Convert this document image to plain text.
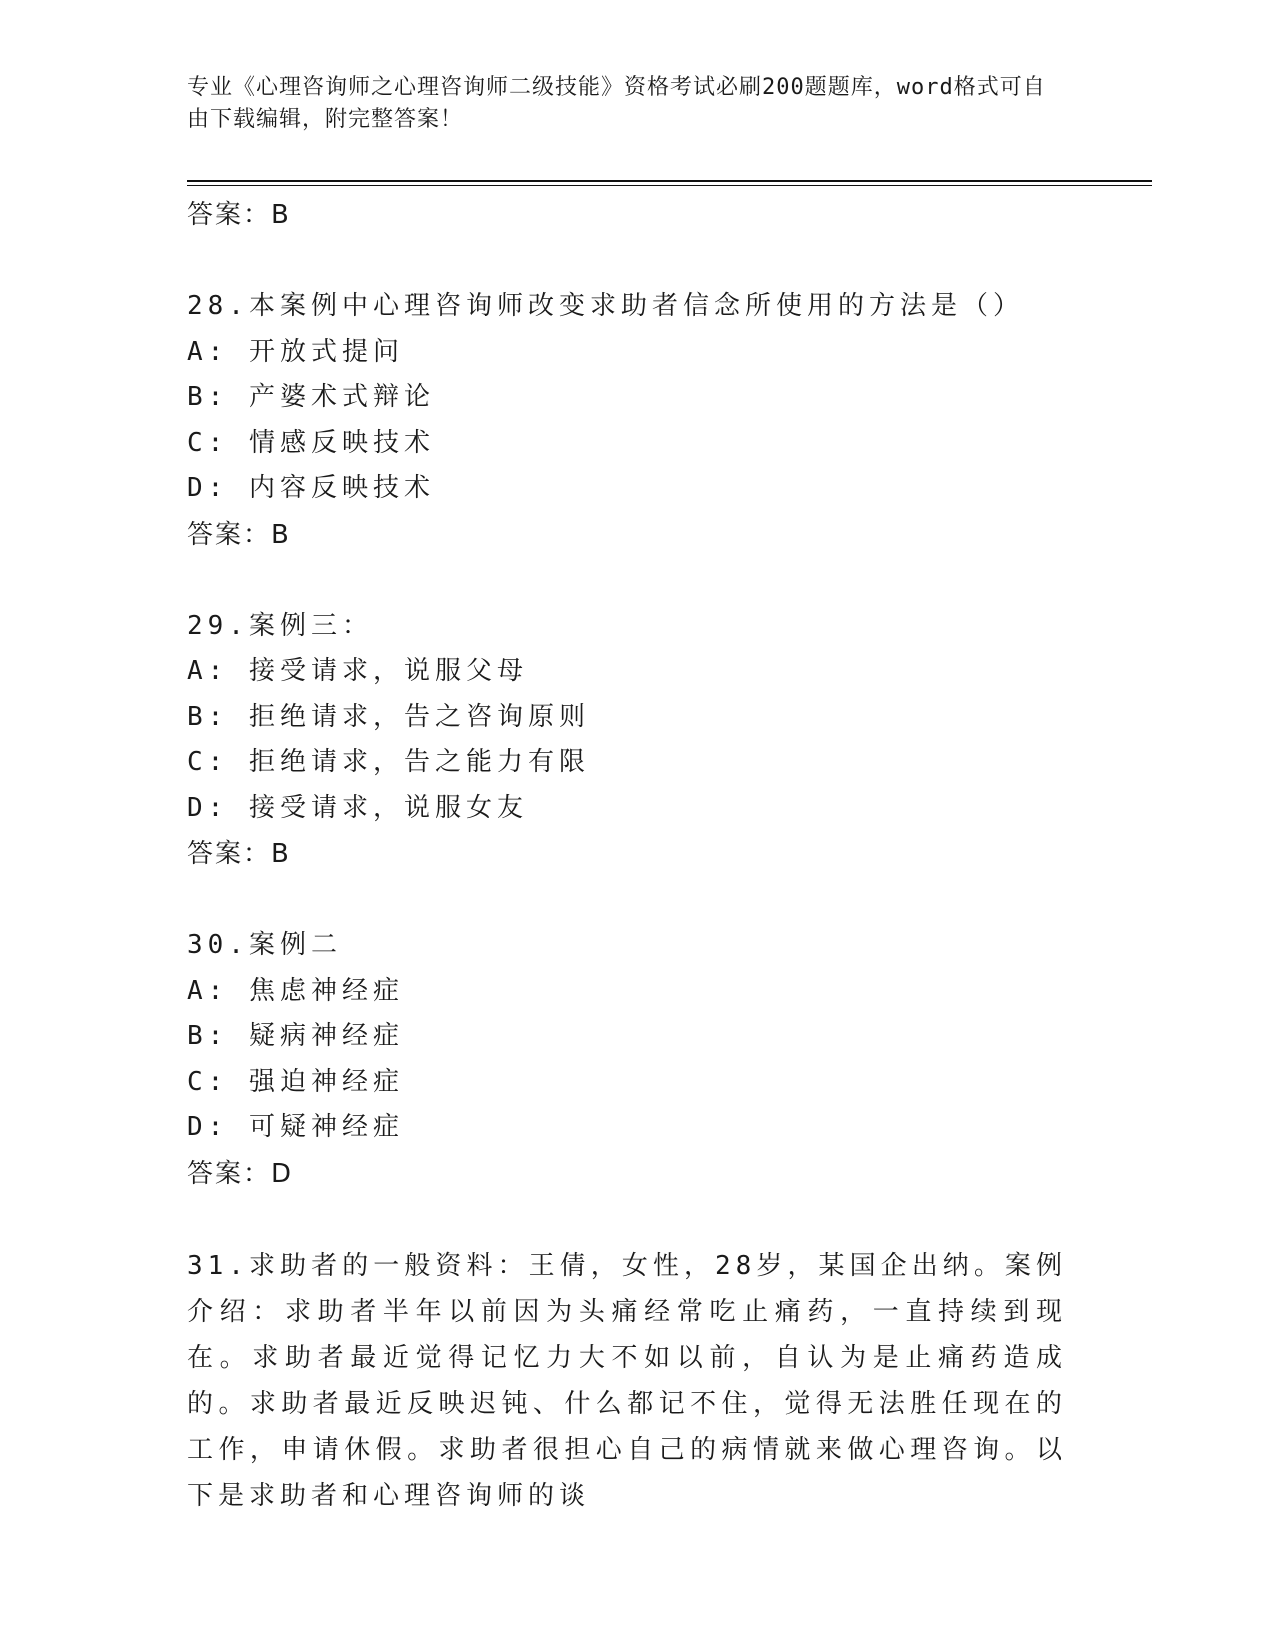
专业《心理咨询师之心理咨询师二级技能》资格考试必刷200题题库，word格式可自由下载编辑，附完整答案！
答案：B
28.本案例中心理咨询师改变求助者信念所使用的方法是（）
A: 开放式提问
B: 产婆术式辩论
C: 情感反映技术
D: 内容反映技术
答案：B
29.案例三：
A: 接受请求，说服父母
B: 拒绝请求，告之咨询原则
C: 拒绝请求，告之能力有限
D: 接受请求，说服女友
答案：B
30.案例二
A: 焦虑神经症
B: 疑病神经症
C: 强迫神经症
D: 可疑神经症
答案：D
31.求助者的一般资料：王倩，女性，28岁，某国企出纳。案例介绍：求助者半年以前因为头痛经常吃止痛药，一直持续到现在。求助者最近觉得记忆力大不如以前，自认为是止痛药造成的。求助者最近反映迟钝、什么都记不住，觉得无法胜任现在的工作，申请休假。求助者很担心自己的病情就来做心理咨询。以下是求助者和心理咨询师的谈
